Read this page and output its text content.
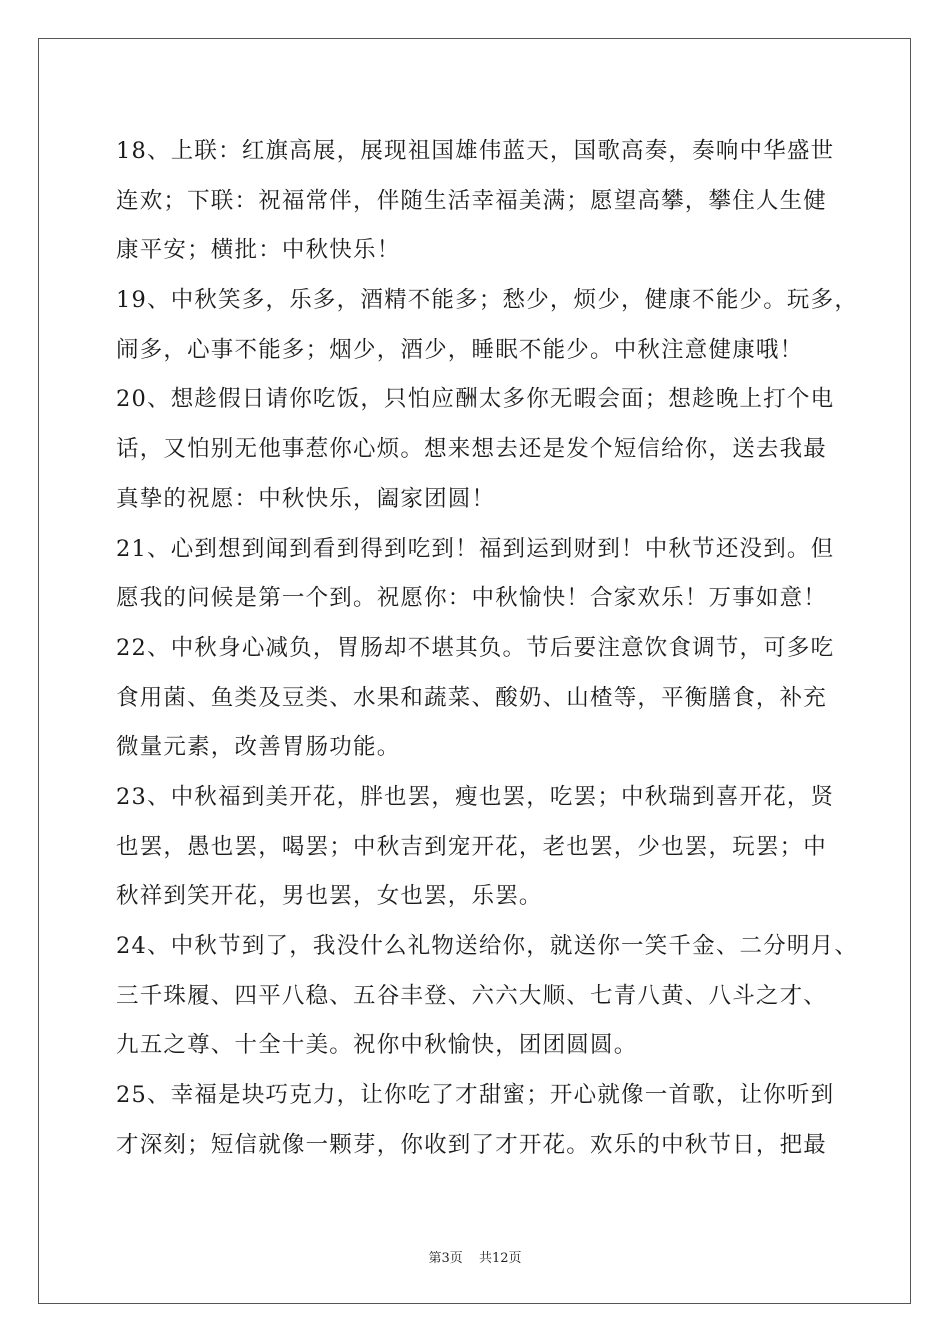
18、上联：红旗高展，展现祖国雄伟蓝天，国歌高奏，奏响中华盛世
连欢；下联：祝福常伴，伴随生活幸福美满；愿望高攀，攀住人生健
康平安；横批：中秋快乐！
19、中秋笑多，乐多，酒精不能多；愁少，烦少，健康不能少。玩多，
闹多，心事不能多；烟少，酒少，睡眠不能少。中秋注意健康哦！
20、想趁假日请你吃饭，只怕应酬太多你无暇会面；想趁晚上打个电
话，又怕别无他事惹你心烦。想来想去还是发个短信给你，送去我最
真挚的祝愿：中秋快乐，阖家团圆！
21、心到想到闻到看到得到吃到！福到运到财到！中秋节还没到。但
愿我的问候是第一个到。祝愿你：中秋愉快！合家欢乐！万事如意！
22、中秋身心减负，胃肠却不堪其负。节后要注意饮食调节，可多吃
食用菌、鱼类及豆类、水果和蔬菜、酸奶、山楂等，平衡膳食，补充
微量元素，改善胃肠功能。
23、中秋福到美开花，胖也罢，瘦也罢，吃罢；中秋瑞到喜开花，贤
也罢，愚也罢，喝罢；中秋吉到宠开花，老也罢，少也罢，玩罢；中
秋祥到笑开花，男也罢，女也罢，乐罢。
24、中秋节到了，我没什么礼物送给你，就送你一笑千金、二分明月、
三千珠履、四平八稳、五谷丰登、六六大顺、七青八黄、八斗之才、
九五之尊、十全十美。祝你中秋愉快，团团圆圆。
25、幸福是块巧克力，让你吃了才甜蜜；开心就像一首歌，让你听到
才深刻；短信就像一颗芽，你收到了才开花。欢乐的中秋节日，把最
第3页 共12页
